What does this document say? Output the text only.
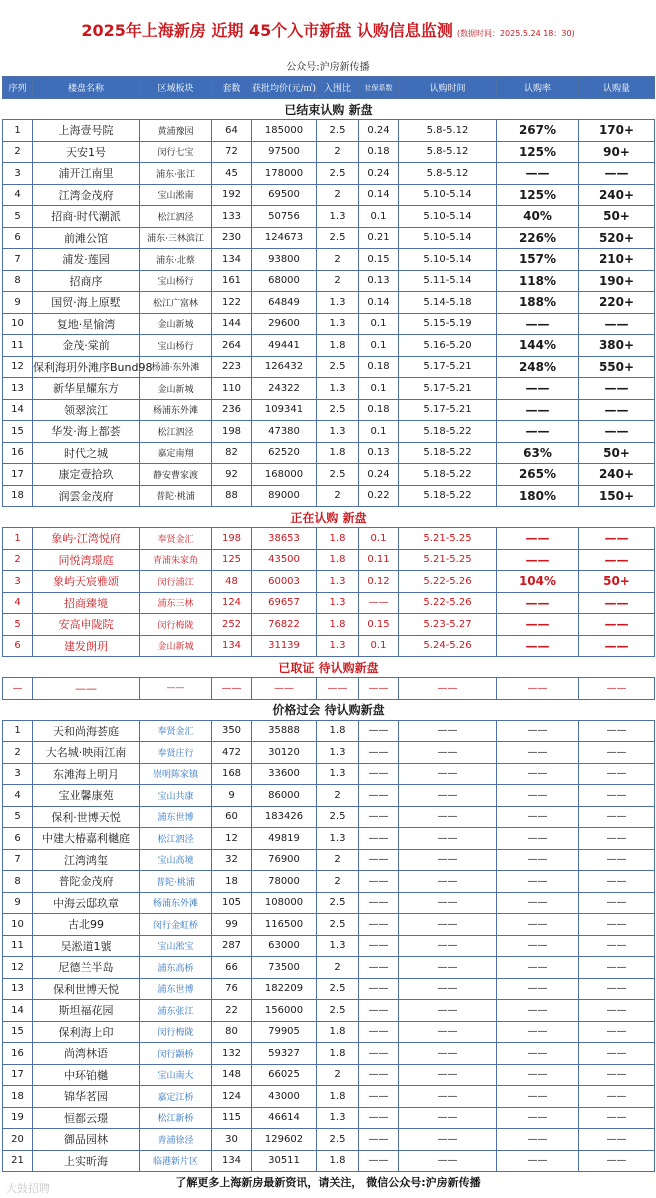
2025年上海新房 近期 45个入市新盘 认购信息监测 (数据时间：2025.5.24 18：30)
公众号:沪房新传播
序列	楼盘名称	区域板块	套数	获批均价(元/㎡)	入围比	社保系数	认购时间	认购率	认购量
已结束认购 新盘									
1	上海壹号院	黄浦豫园	64	185000	2.5	0.24	5.8-5.12	267%	170+
2	天安1号	闵行七宝	72	97500	2	0.18	5.8-5.12	125%	90+
3	浦开江南里	浦东·张江	45	178000	2.5	0.24	5.8-5.12	——	——
4	江湾金茂府	宝山淞南	192	69500	2	0.14	5.10-5.14	125%	240+
5	招商·时代潮派	松江泗泾	133	50756	1.3	0.1	5.10-5.14	40%	50+
6	前滩公馆	浦东·三林滨江	230	124673	2.5	0.21	5.10-5.14	226%	520+
7	浦发·莲园	浦东·北蔡	134	93800	2	0.15	5.10-5.14	157%	210+
8	招商序	宝山杨行	161	68000	2	0.13	5.11-5.14	118%	190+
9	国贸·海上原墅	松江广富林	122	64849	1.3	0.14	5.14-5.18	188%	220+
10	复地·星愉湾	金山新城	144	29600	1.3	0.1	5.15-5.19	——	——
11	金茂·棠前	宝山杨行	264	49441	1.8	0.1	5.16-5.20	144%	380+
12	保利海玥外滩序Bund98	杨浦·东外滩	223	126432	2.5	0.18	5.17-5.21	248%	550+
13	新华星耀东方	金山新城	110	24322	1.3	0.1	5.17-5.21	——	——
14	领翠滨江	杨浦东外滩	236	109341	2.5	0.18	5.17-5.21	——	——
15	华发·海上都荟	松江泗泾	198	47380	1.3	0.1	5.18-5.22	——	——
16	时代之城	嘉定南翔	82	62520	1.8	0.13	5.18-5.22	63%	50+
17	康定壹拾玖	静安曹家渡	92	168000	2.5	0.24	5.18-5.22	265%	240+
18	润雲金茂府	普陀·桃浦	88	89000	2	0.22	5.18-5.22	180%	150+
正在认购 新盘									
1	象屿·江湾悦府	奉贤金汇	198	38653	1.8	0.1	5.21-5.25	——	——
2	同悦湾璟庭	青浦朱家角	125	43500	1.8	0.11	5.21-5.25	——	——
3	象屿天宸雅颂	闵行浦江	48	60003	1.3	0.12	5.22-5.26	104%	50+
4	招商臻境	浦东三林	124	69657	1.3	——	5.22-5.26	——	——
5	安高申陇院	闵行梅陇	252	76822	1.8	0.15	5.23-5.27	——	——
6	建发朗玥	金山新城	134	31139	1.3	0.1	5.24-5.26	——	——
已取证 待认购新盘									
—	——	——	——	——	——	——	——	——	——
价格过会 待认购新盘									
1	天和尚海荟庭	奉贤金汇	350	35888	1.8	——	——	——	——
2	大名城·映雨江南	奉贤庄行	472	30120	1.3	——	——	——	——
3	东滩海上明月	崇明陈家镇	168	33600	1.3	——	——	——	——
4	宝业馨康苑	宝山共康	9	86000	2	——	——	——	——
5	保利·世博天悦	浦东世博	60	183426	2.5	——	——	——	——
6	中建大椿嘉利樾庭	松江泗泾	12	49819	1.3	——	——	——	——
7	江湾鸿玺	宝山高境	32	76900	2	——	——	——	——
8	普陀金茂府	普陀·桃浦	18	78000	2	——	——	——	——
9	中海云邸玖章	杨浦东外滩	105	108000	2.5	——	——	——	——
10	古北99	闵行金虹桥	99	116500	2.5	——	——	——	——
11	吴淞道1號	宝山淞宝	287	63000	1.3	——	——	——	——
12	尼德兰半岛	浦东高桥	66	73500	2	——	——	——	——
13	保利世博天悦	浦东世博	76	182209	2.5	——	——	——	——
14	斯坦福花园	浦东张江	22	156000	2.5	——	——	——	——
15	保利海上印	闵行梅陇	80	79905	1.8	——	——	——	——
16	尚湾林语	闵行颛桥	132	59327	1.8	——	——	——	——
17	中环铂樾	宝山南大	148	66025	2	——	——	——	——
18	锦华茗园	嘉定江桥	124	43000	1.8	——	——	——	——
19	恒都云璟	松江新桥	115	46614	1.3	——	——	——	——
20	御品园林	青浦徐泾	30	129602	2.5	——	——	——	——
21	上实昕海	临港新片区	134	30511	1.8	——	——	——	——
了解更多上海新房最新资讯，请关注， 微信公众号:沪房新传播
大鼓招聘
